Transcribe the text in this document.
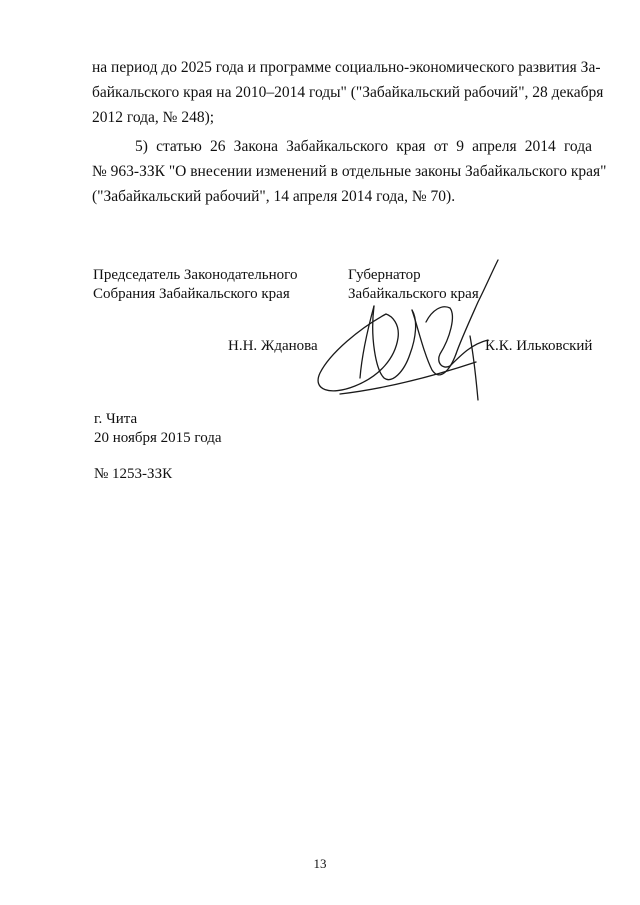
на период до 2025 года и программе социально-экономического развития За-
байкальского края на 2010–2014 годы" ("Забайкальский рабочий", 28 декабря
2012 года, № 248);

5) статью 26 Закона Забайкальского края от 9 апреля 2014 года
№ 963-ЗЗК "О внесении изменений в отдельные законы Забайкальского края"
("Забайкальский рабочий", 14 апреля 2014 года, № 70).

Председатель Законодательного
Собрания Забайкальского края
Губернатор
Забайкальского края
Н.Н. Жданова	К.К. Ильковский
г. Чита
20 ноября 2015 года
№ 1253-ЗЗК
13
